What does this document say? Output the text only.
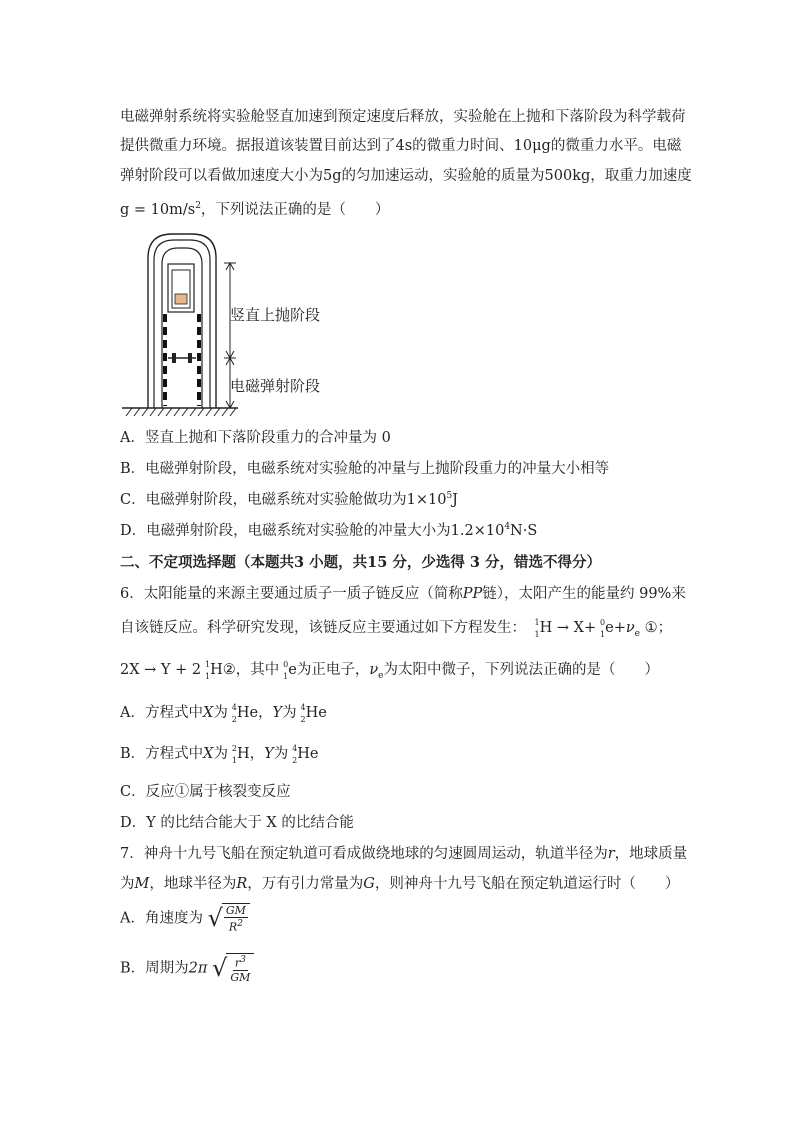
电磁弹射系统将实验舱竖直加速到预定速度后释放，实验舱在上抛和下落阶段为科学载荷
提供微重力环境。据报道该装置目前达到了4s的微重力时间、10μg的微重力水平。电磁
弹射阶段可以看做加速度大小为5g的匀加速运动，实验舱的质量为500kg，取重力加速度
$g = 10m/s^2$，下列说法正确的是（　　）
竖直上抛阶段
电磁弹射阶段
A．竖直上抛和下落阶段重力的合冲量为 0
B．电磁弹射阶段，电磁系统对实验舱的冲量与上抛阶段重力的冲量大小相等
C．电磁弹射阶段，电磁系统对实验舱做功为$1\times 10^5J$
D．电磁弹射阶段，电磁系统对实验舱的冲量大小为$1.2\times 10^4N\cdot S$
二、不定项选择题（本题共3 小题，共15 分，少选得 3 分，错选不得分）
6．太阳能量的来源主要通过质子一质子链反应（简称PP链），太阳产生的能量约 99%来
自该链反应。科学研究发现，该链反应主要通过如下方程发生： 1
1 H → X+ 0
1 $e+\nu_e$ ①；
2X → Y + 2 1
1 H②，其中 0
1 e为正电子，$\nu_e$为太阳中微子，下列说法正确的是（　　）
A．方程式中X为 4
2 He，Y为 4
2 He
B．方程式中X为 2
1 H，Y为 4
2 He
C．反应①属于核裂变反应
D．Y 的比结合能大于 X 的比结合能
7．神舟十九号飞船在预定轨道可看成做绕地球的匀速圆周运动，轨道半径为r，地球质量
为M，地球半径为R，万有引力常量为G，则神舟十九号飞船在预定轨道运行时（　　）
A．角速度为 √ $\frac{GM}{R^2}$
B．周期为2π √ $\frac{r^3}{GM}$
